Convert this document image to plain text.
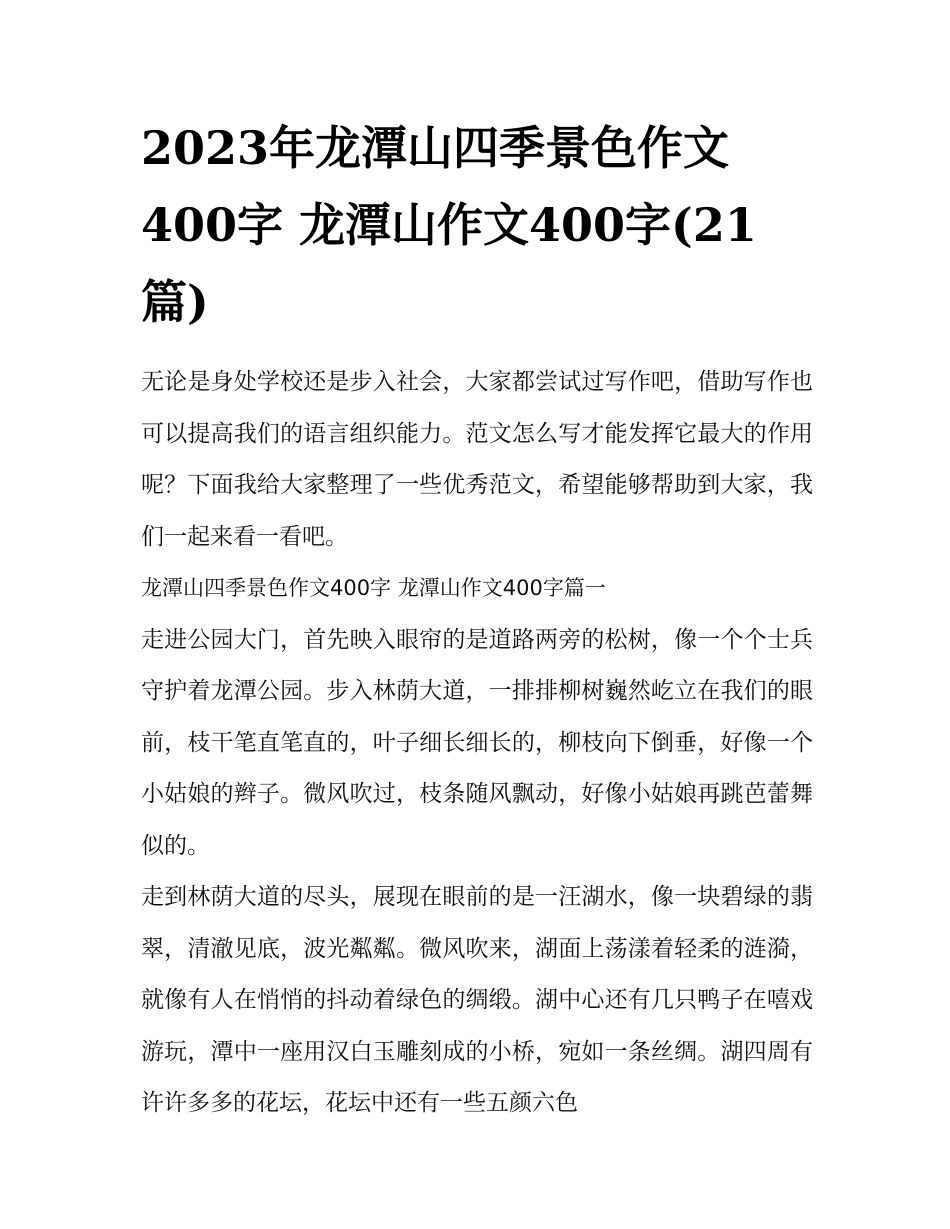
2023年龙潭山四季景色作文400字 龙潭山作文400字(21篇)

无论是身处学校还是步入社会，大家都尝试过写作吧，借助写作也可以提高我们的语言组织能力。范文怎么写才能发挥它最大的作用呢？下面我给大家整理了一些优秀范文，希望能够帮助到大家，我们一起来看一看吧。

龙潭山四季景色作文400字 龙潭山作文400字篇一

走进公园大门，首先映入眼帘的是道路两旁的松树，像一个个士兵守护着龙潭公园。步入林荫大道，一排排柳树巍然屹立在我们的眼前，枝干笔直笔直的，叶子细长细长的，柳枝向下倒垂，好像一个小姑娘的辫子。微风吹过，枝条随风飘动，好像小姑娘再跳芭蕾舞似的。

走到林荫大道的尽头，展现在眼前的是一汪湖水，像一块碧绿的翡翠，清澈见底，波光粼粼。微风吹来，湖面上荡漾着轻柔的涟漪，就像有人在悄悄的抖动着绿色的绸缎。湖中心还有几只鸭子在嘻戏游玩，潭中一座用汉白玉雕刻成的小桥，宛如一条丝绸。湖四周有许许多多的花坛，花坛中还有一些五颜六色
